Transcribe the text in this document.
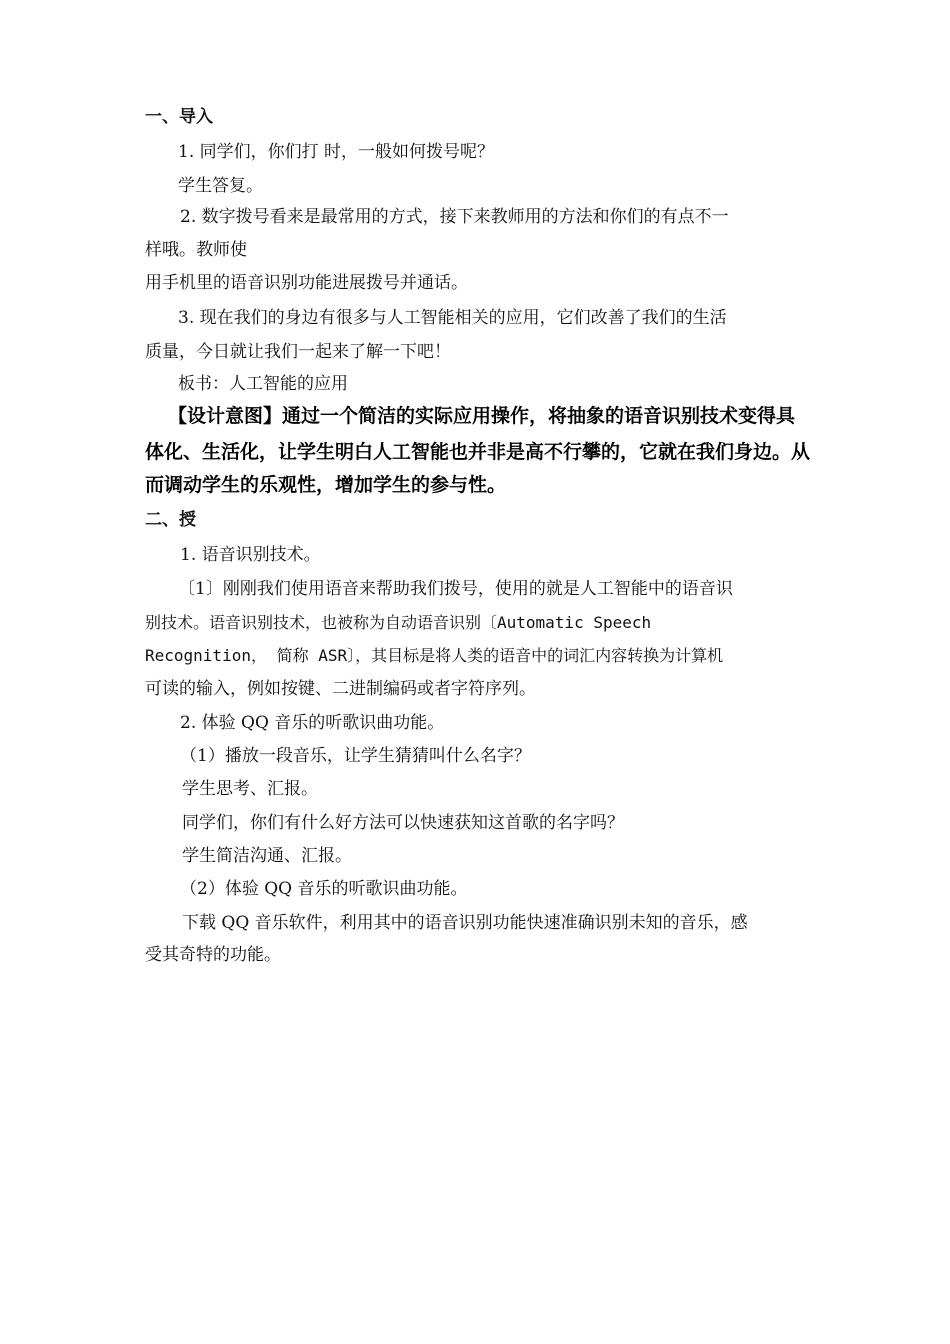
一、导入
1. 同学们，你们打 时，一般如何拨号呢？
学生答复。
2. 数字拨号看来是最常用的方式，接下来教师用的方法和你们的有点不一
样哦。教师使
用手机里的语音识别功能进展拨号并通话。
3. 现在我们的身边有很多与人工智能相关的应用，它们改善了我们的生活
质量，今日就让我们一起来了解一下吧！
板书：人工智能的应用
【设计意图】通过一个简洁的实际应用操作，将抽象的语音识别技术变得具
体化、生活化，让学生明白人工智能也并非是高不行攀的，它就在我们身边。从
而调动学生的乐观性，增加学生的参与性。
二、授
1. 语音识别技术。
〔1〕刚刚我们使用语音来帮助我们拨号，使用的就是人工智能中的语音识
别技术。语音识别技术，也被称为自动语音识别〔Automatic Speech
Recognition， 简称 ASR〕，其目标是将人类的语音中的词汇内容转换为计算机
可读的输入，例如按键、二进制编码或者字符序列。
2. 体验 QQ 音乐的听歌识曲功能。
（1）播放一段音乐，让学生猜猜叫什么名字？
学生思考、汇报。
同学们，你们有什么好方法可以快速获知这首歌的名字吗？
学生简洁沟通、汇报。
（2）体验 QQ 音乐的听歌识曲功能。
下载 QQ 音乐软件，利用其中的语音识别功能快速准确识别未知的音乐，感
受其奇特的功能。
